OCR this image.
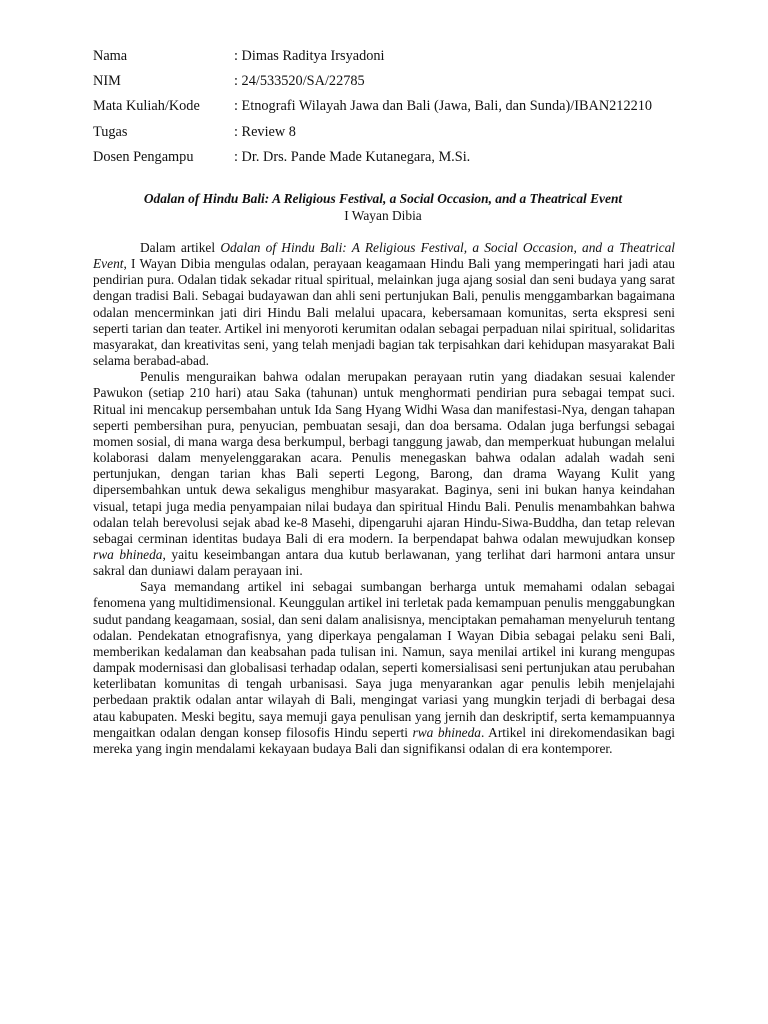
Nama	: Dimas Raditya Irsyadoni
NIM	: 24/533520/SA/22785
Mata Kuliah/Kode	: Etnografi Wilayah Jawa dan Bali (Jawa, Bali, dan Sunda)/IBAN212210
Tugas	: Review 8
Dosen Pengampu	: Dr. Drs. Pande Made Kutanegara, M.Si.
Odalan of Hindu Bali: A Religious Festival, a Social Occasion, and a Theatrical Event
I Wayan Dibia

Dalam artikel Odalan of Hindu Bali: A Religious Festival, a Social Occasion, and a Theatrical Event, I Wayan Dibia mengulas odalan, perayaan keagamaan Hindu Bali yang memperingati hari jadi atau pendirian pura. Odalan tidak sekadar ritual spiritual, melainkan juga ajang sosial dan seni budaya yang sarat dengan tradisi Bali. Sebagai budayawan dan ahli seni pertunjukan Bali, penulis menggambarkan bagaimana odalan mencerminkan jati diri Hindu Bali melalui upacara, kebersamaan komunitas, serta ekspresi seni seperti tarian dan teater. Artikel ini menyoroti kerumitan odalan sebagai perpaduan nilai spiritual, solidaritas masyarakat, dan kreativitas seni, yang telah menjadi bagian tak terpisahkan dari kehidupan masyarakat Bali selama berabad-abad.

Penulis menguraikan bahwa odalan merupakan perayaan rutin yang diadakan sesuai kalender Pawukon (setiap 210 hari) atau Saka (tahunan) untuk menghormati pendirian pura sebagai tempat suci. Ritual ini mencakup persembahan untuk Ida Sang Hyang Widhi Wasa dan manifestasi-Nya, dengan tahapan seperti pembersihan pura, penyucian, pembuatan sesaji, dan doa bersama. Odalan juga berfungsi sebagai momen sosial, di mana warga desa berkumpul, berbagi tanggung jawab, dan memperkuat hubungan melalui kolaborasi dalam menyelenggarakan acara. Penulis menegaskan bahwa odalan adalah wadah seni pertunjukan, dengan tarian khas Bali seperti Legong, Barong, dan drama Wayang Kulit yang dipersembahkan untuk dewa sekaligus menghibur masyarakat. Baginya, seni ini bukan hanya keindahan visual, tetapi juga media penyampaian nilai budaya dan spiritual Hindu Bali. Penulis menambahkan bahwa odalan telah berevolusi sejak abad ke-8 Masehi, dipengaruhi ajaran Hindu-Siwa-Buddha, dan tetap relevan sebagai cerminan identitas budaya Bali di era modern. Ia berpendapat bahwa odalan mewujudkan konsep rwa bhineda, yaitu keseimbangan antara dua kutub berlawanan, yang terlihat dari harmoni antara unsur sakral dan duniawi dalam perayaan ini.

Saya memandang artikel ini sebagai sumbangan berharga untuk memahami odalan sebagai fenomena yang multidimensional. Keunggulan artikel ini terletak pada kemampuan penulis menggabungkan sudut pandang keagamaan, sosial, dan seni dalam analisisnya, menciptakan pemahaman menyeluruh tentang odalan. Pendekatan etnografisnya, yang diperkaya pengalaman I Wayan Dibia sebagai pelaku seni Bali, memberikan kedalaman dan keabsahan pada tulisan ini. Namun, saya menilai artikel ini kurang mengupas dampak modernisasi dan globalisasi terhadap odalan, seperti komersialisasi seni pertunjukan atau perubahan keterlibatan komunitas di tengah urbanisasi. Saya juga menyarankan agar penulis lebih menjelajahi perbedaan praktik odalan antar wilayah di Bali, mengingat variasi yang mungkin terjadi di berbagai desa atau kabupaten. Meski begitu, saya memuji gaya penulisan yang jernih dan deskriptif, serta kemampuannya mengaitkan odalan dengan konsep filosofis Hindu seperti rwa bhineda. Artikel ini direkomendasikan bagi mereka yang ingin mendalami kekayaan budaya Bali dan signifikansi odalan di era kontemporer.
